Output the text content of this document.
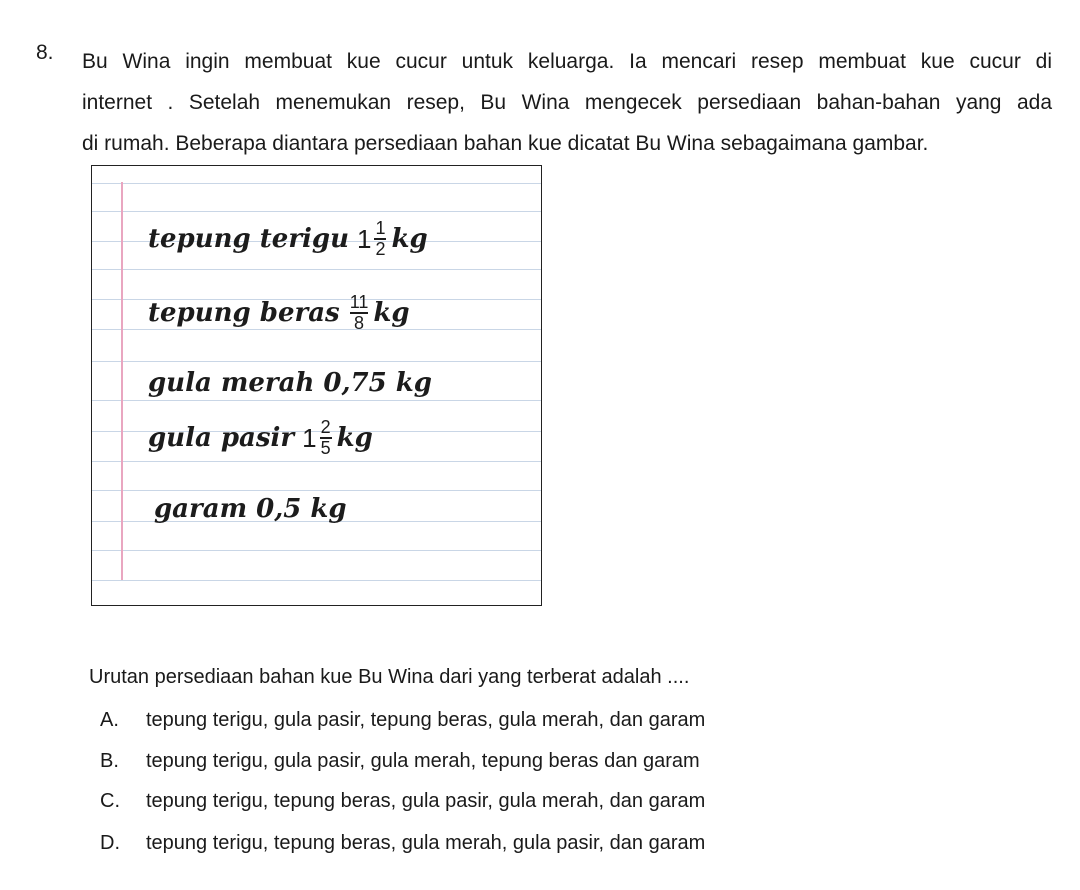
8. Bu Wina ingin membuat kue cucur untuk keluarga. Ia mencari resep membuat kue cucur di
internet . Setelah menemukan resep, Bu Wina mengecek persediaan bahan-bahan yang ada
di rumah. Beberapa diantara persediaan bahan kue dicatat Bu Wina sebagaimana gambar.
tepung terigu $1 \frac{1}{2}$ kg
tepung beras $\frac{11}{8}$ kg
gula merah 0,75 kg
gula pasir $1 \frac{2}{5}$ kg
garam 0,5 kg
Urutan persediaan bahan kue Bu Wina dari yang terberat adalah ....
A. tepung terigu, gula pasir, tepung beras, gula merah, dan garam
B. tepung terigu, gula pasir, gula merah, tepung beras dan garam
C. tepung terigu, tepung beras, gula pasir, gula merah, dan garam
D. tepung terigu, tepung beras, gula merah, gula pasir, dan garam
